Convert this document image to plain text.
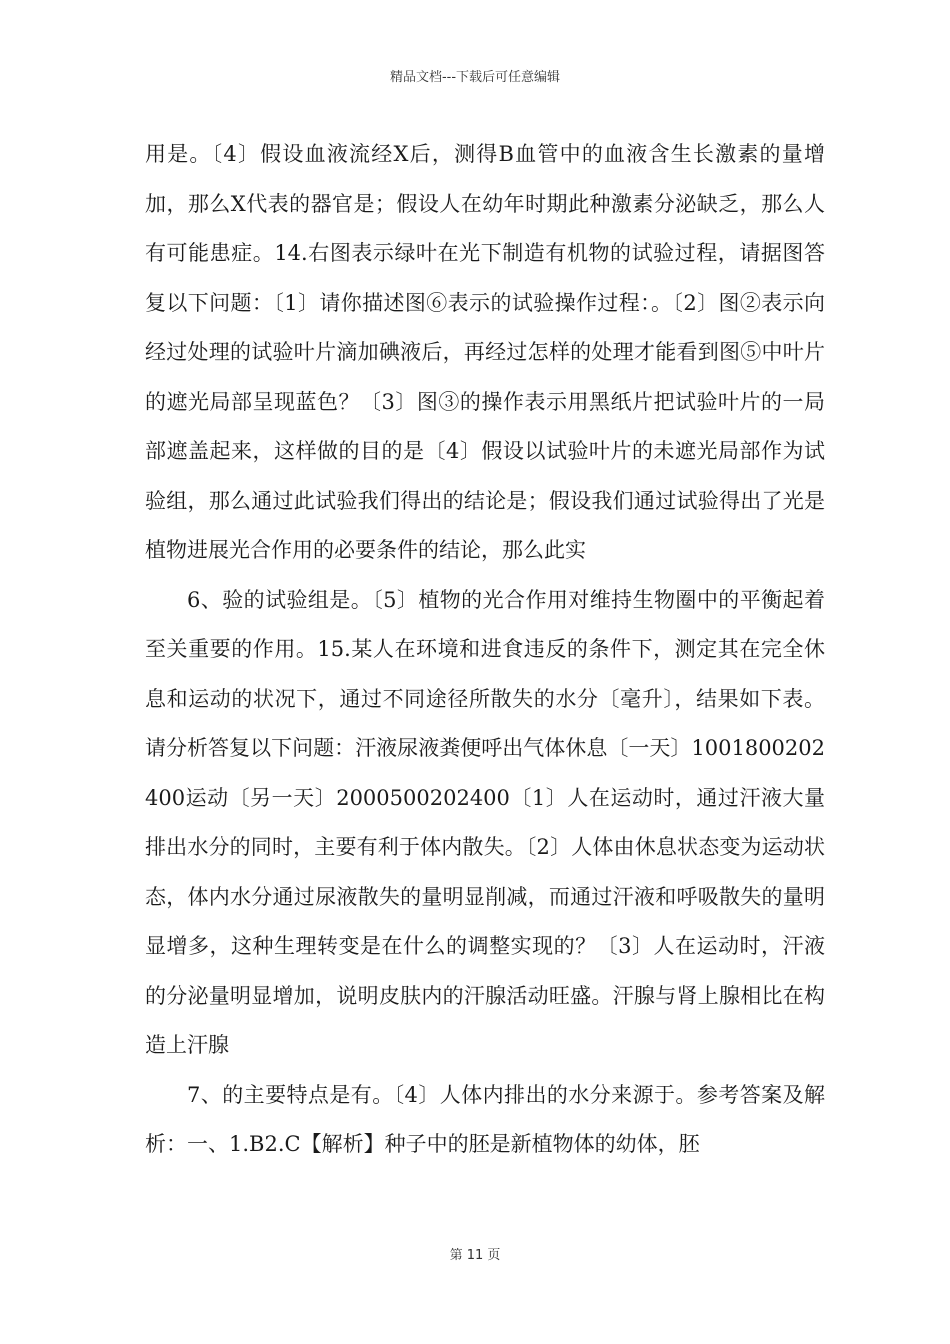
精品文档---下载后可任意编辑

用是。〔4〕假设血液流经X后，测得B血管中的血液含生长激素的量增加，那么X代表的器官是；假设人在幼年时期此种激素分泌缺乏，那么人有可能患症。14.右图表示绿叶在光下制造有机物的试验过程，请据图答复以下问题：〔1〕请你描述图⑥表示的试验操作过程：。〔2〕图②表示向经过处理的试验叶片滴加碘液后，再经过怎样的处理才能看到图⑤中叶片的遮光局部呈现蓝色？〔3〕图③的操作表示用黑纸片把试验叶片的一局部遮盖起来，这样做的目的是〔4〕假设以试验叶片的未遮光局部作为试验组，那么通过此试验我们得出的结论是；假设我们通过试验得出了光是植物进展光合作用的必要条件的结论，那么此实

6、验的试验组是。〔5〕植物的光合作用对维持生物圈中的平衡起着至关重要的作用。15.某人在环境和进食违反的条件下，测定其在完全休息和运动的状况下，通过不同途径所散失的水分〔毫升〕，结果如下表。请分析答复以下问题：汗液尿液粪便呼出气体休息〔一天〕1001800202400运动〔另一天〕2000500202400〔1〕人在运动时，通过汗液大量排出水分的同时，主要有利于体内散失。〔2〕人体由休息状态变为运动状态，体内水分通过尿液散失的量明显削减，而通过汗液和呼吸散失的量明显增多，这种生理转变是在什么的调整实现的？〔3〕人在运动时，汗液的分泌量明显增加，说明皮肤内的汗腺活动旺盛。汗腺与肾上腺相比在构造上汗腺

7、的主要特点是有。〔4〕人体内排出的水分来源于。参考答案及解析：一、1.B2.C【解析】种子中的胚是新植物体的幼体，胚

第 11 页
